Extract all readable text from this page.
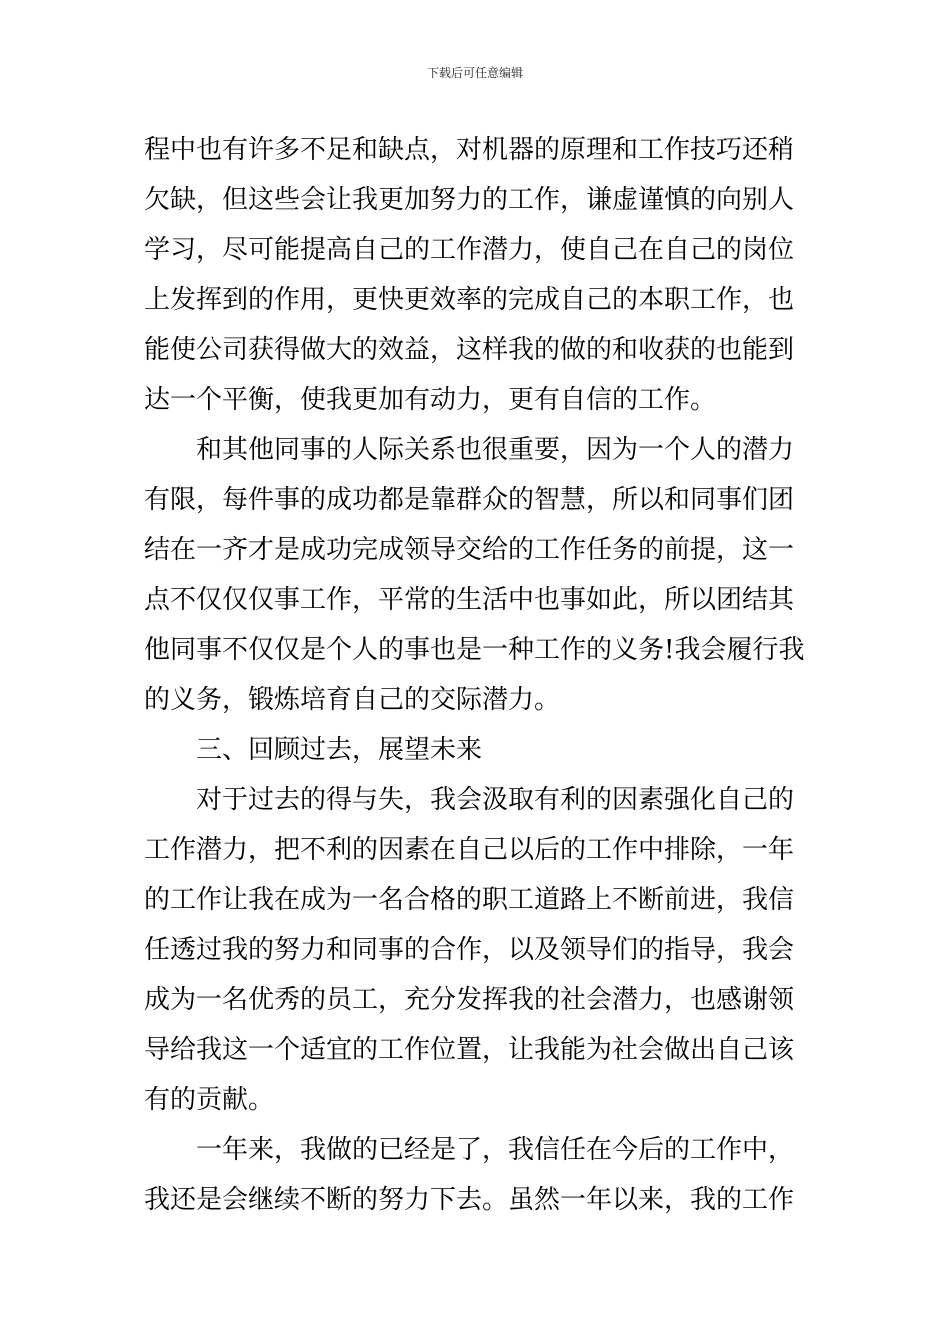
下载后可任意编辑
程中也有许多不足和缺点，对机器的原理和工作技巧还稍
欠缺，但这些会让我更加努力的工作，谦虚谨慎的向别人
学习，尽可能提高自己的工作潜力，使自己在自己的岗位
上发挥到的作用，更快更效率的完成自己的本职工作，也
能使公司获得做大的效益，这样我的做的和收获的也能到
达一个平衡，使我更加有动力，更有自信的工作。
和其他同事的人际关系也很重要，因为一个人的潜力
有限，每件事的成功都是靠群众的智慧，所以和同事们团
结在一齐才是成功完成领导交给的工作任务的前提，这一
点不仅仅仅事工作，平常的生活中也事如此，所以团结其
他同事不仅仅是个人的事也是一种工作的义务!我会履行我
的义务，锻炼培育自己的交际潜力。
三、回顾过去，展望未来
对于过去的得与失，我会汲取有利的因素强化自己的
工作潜力，把不利的因素在自己以后的工作中排除，一年
的工作让我在成为一名合格的职工道路上不断前进，我信
任透过我的努力和同事的合作，以及领导们的指导，我会
成为一名优秀的员工，充分发挥我的社会潜力，也感谢领
导给我这一个适宜的工作位置，让我能为社会做出自己该
有的贡献。
一年来，我做的已经是了，我信任在今后的工作中，
我还是会继续不断的努力下去。虽然一年以来，我的工作
